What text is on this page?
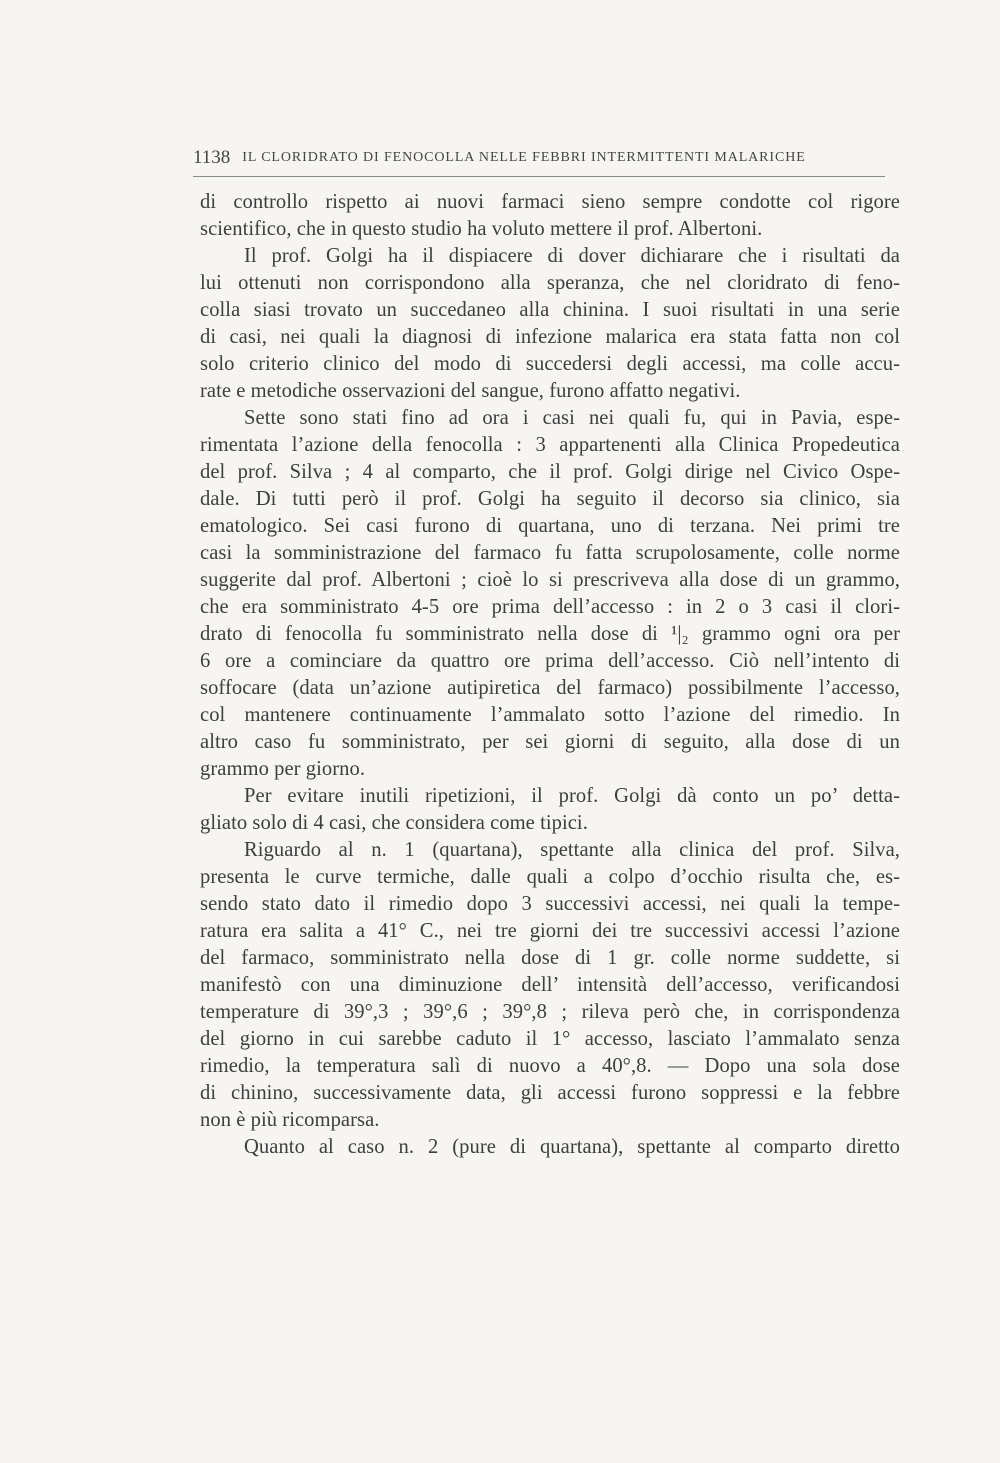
1138 IL CLORIDRATO DI FENOCOLLA NELLE FEBBRI INTERMITTENTI MALARICHE
di controllo rispetto ai nuovi farmaci sieno sempre condotte col rigore
scientifico, che in questo studio ha voluto mettere il prof. Albertoni.
Il prof. Golgi ha il dispiacere di dover dichiarare che i risultati da
lui ottenuti non corrispondono alla speranza, che nel cloridrato di feno-
colla siasi trovato un succedaneo alla chinina. I suoi risultati in una serie
di casi, nei quali la diagnosi di infezione malarica era stata fatta non col
solo criterio clinico del modo di succedersi degli accessi, ma colle accu-
rate e metodiche osservazioni del sangue, furono affatto negativi.
Sette sono stati fino ad ora i casi nei quali fu, qui in Pavia, espe-
rimentata l’azione della fenocolla : 3 appartenenti alla Clinica Propedeutica
del prof. Silva ; 4 al comparto, che il prof. Golgi dirige nel Civico Ospe-
dale. Di tutti però il prof. Golgi ha seguito il decorso sia clinico, sia
ematologico. Sei casi furono di quartana, uno di terzana. Nei primi tre
casi la somministrazione del farmaco fu fatta scrupolosamente, colle norme
suggerite dal prof. Albertoni ; cioè lo si prescriveva alla dose di un grammo,
che era somministrato 4-5 ore prima dell’accesso : in 2 o 3 casi il clori-
drato di fenocolla fu somministrato nella dose di ¹|₂ grammo ogni ora per
6 ore a cominciare da quattro ore prima dell’accesso. Ciò nell’intento di
soffocare (data un’azione autipiretica del farmaco) possibilmente l’accesso,
col mantenere continuamente l’ammalato sotto l’azione del rimedio. In
altro caso fu somministrato, per sei giorni di seguito, alla dose di un
grammo per giorno.
Per evitare inutili ripetizioni, il prof. Golgi dà conto un po’ detta-
gliato solo di 4 casi, che considera come tipici.
Riguardo al n. 1 (quartana), spettante alla clinica del prof. Silva,
presenta le curve termiche, dalle quali a colpo d’occhio risulta che, es-
sendo stato dato il rimedio dopo 3 successivi accessi, nei quali la tempe-
ratura era salita a 41° C., nei tre giorni dei tre successivi accessi l’azione
del farmaco, somministrato nella dose di 1 gr. colle norme suddette, si
manifestò con una diminuzione dell’ intensità dell’accesso, verificandosi
temperature di 39°,3 ; 39°,6 ; 39°,8 ; rileva però che, in corrispondenza
del giorno in cui sarebbe caduto il 1° accesso, lasciato l’ammalato senza
rimedio, la temperatura salì di nuovo a 40°,8. — Dopo una sola dose
di chinino, successivamente data, gli accessi furono soppressi e la febbre
non è più ricomparsa.
Quanto al caso n. 2 (pure di quartana), spettante al comparto diretto
